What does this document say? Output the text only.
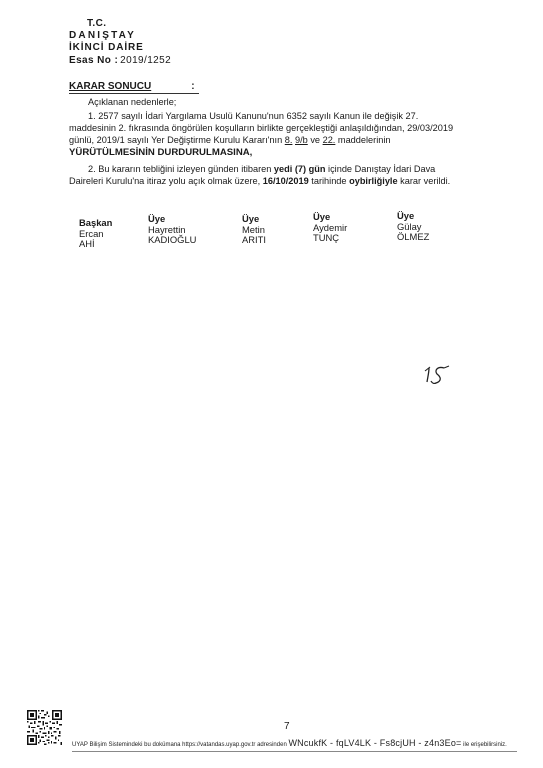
T.C.
DANIŞTAY
İKİNCİ DAİRE
Esas No : 2019/1252
KARAR SONUCU	:
Açıklanan nedenlerle;
1. 2577 sayılı İdari Yargılama Usulü Kanunu'nun 6352 sayılı Kanun ile değişik 27.
maddesinin 2. fıkrasında öngörülen koşulların birlikte gerçekleştiği anlaşıldığından, 29/03/2019
günlü, 2019/1 sayılı Yer Değiştirme Kurulu Kararı'nın 8. 9/b ve 22. maddelerinin
YÜRÜTÜLMESİNİN DURDURULMASINA,
2. Bu kararın tebliğini izleyen günden itibaren yedi (7) gün içinde Danıştay İdari Dava
Daireleri Kurulu'na itiraz yolu açık olmak üzere, 16/10/2019 tarihinde oybirliğiyle karar verildi.
Başkan
Ercan
AHİ
Üye
Hayrettin
KADIOĞLU
Üye
Metin
ARITI
Üye
Aydemir
TUNÇ
Üye
Gülay
ÖLMEZ
7
UYAP Bilişim Sistemindeki bu dokümana https://vatandas.uyap.gov.tr adresinden WNcukfK - fqLV4LK - Fs8cjUH - z4n3Eo= ile erişebilirsiniz.
